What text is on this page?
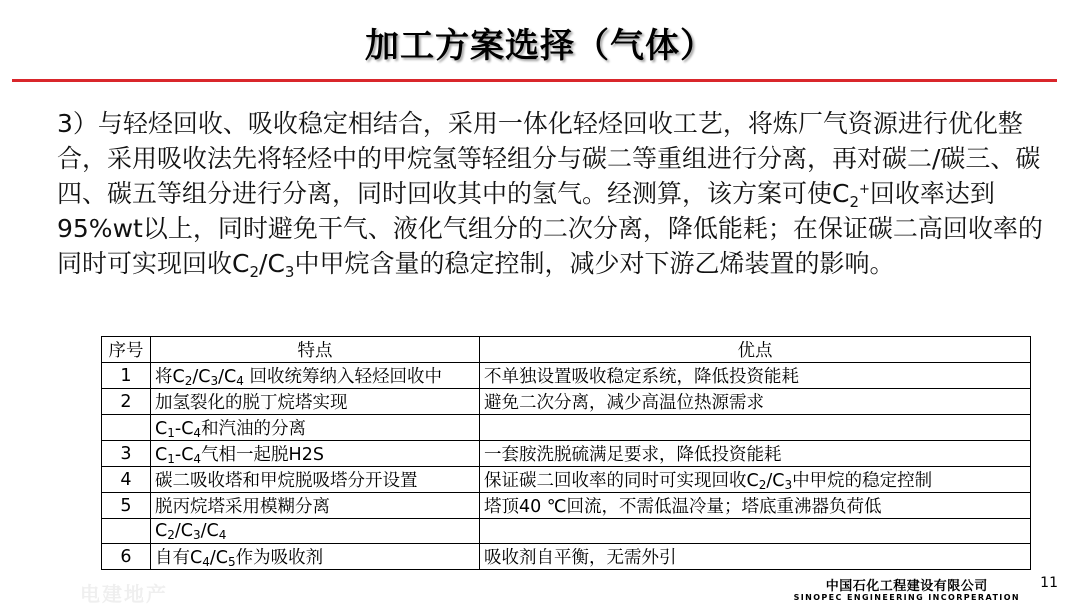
加工方案选择（气体）
3）与轻烃回收、吸收稳定相结合，采用一体化轻烃回收工艺，将炼厂气资源进行优化整合，采用吸收法先将轻烃中的甲烷氢等轻组分与碳二等重组进行分离，再对碳二/碳三、碳四、碳五等组分进行分离，同时回收其中的氢气。经测算，该方案可使$C_2^+$回收率达到95%wt以上，同时避免干气、液化气组分的二次分离，降低能耗；在保证碳二高回收率的同时可实现回收$C_2/C_3$中甲烷含量的稳定控制，减少对下游乙烯装置的影响。
序号	特点	优点
1	将$C_2/C_3/C_4$ 回收统筹纳入轻烃回收中	不单独设置吸收稳定系统，降低投资能耗
2	加氢裂化的脱丁烷塔实现	避免二次分离，减少高温位热源需求
	$C_1-C_4$和汽油的分离	
3	$C_1-C_4$气相一起脱H2S	一套胺洗脱硫满足要求，降低投资能耗
4	碳二吸收塔和甲烷脱吸塔分开设置	保证碳二回收率的同时可实现回收$C_2/C_3$中甲烷的稳定控制
5	脱丙烷塔采用模糊分离	塔顶40 ℃回流，不需低温冷量；塔底重沸器负荷低
	$C_2/C_3/C_4$	
6	自有$C_4/C_5$作为吸收剂	吸收剂自平衡，无需外引
电建地产	中国石化工程建设有限公司
SINOPEC ENGINEERING INCORPERATION
11
